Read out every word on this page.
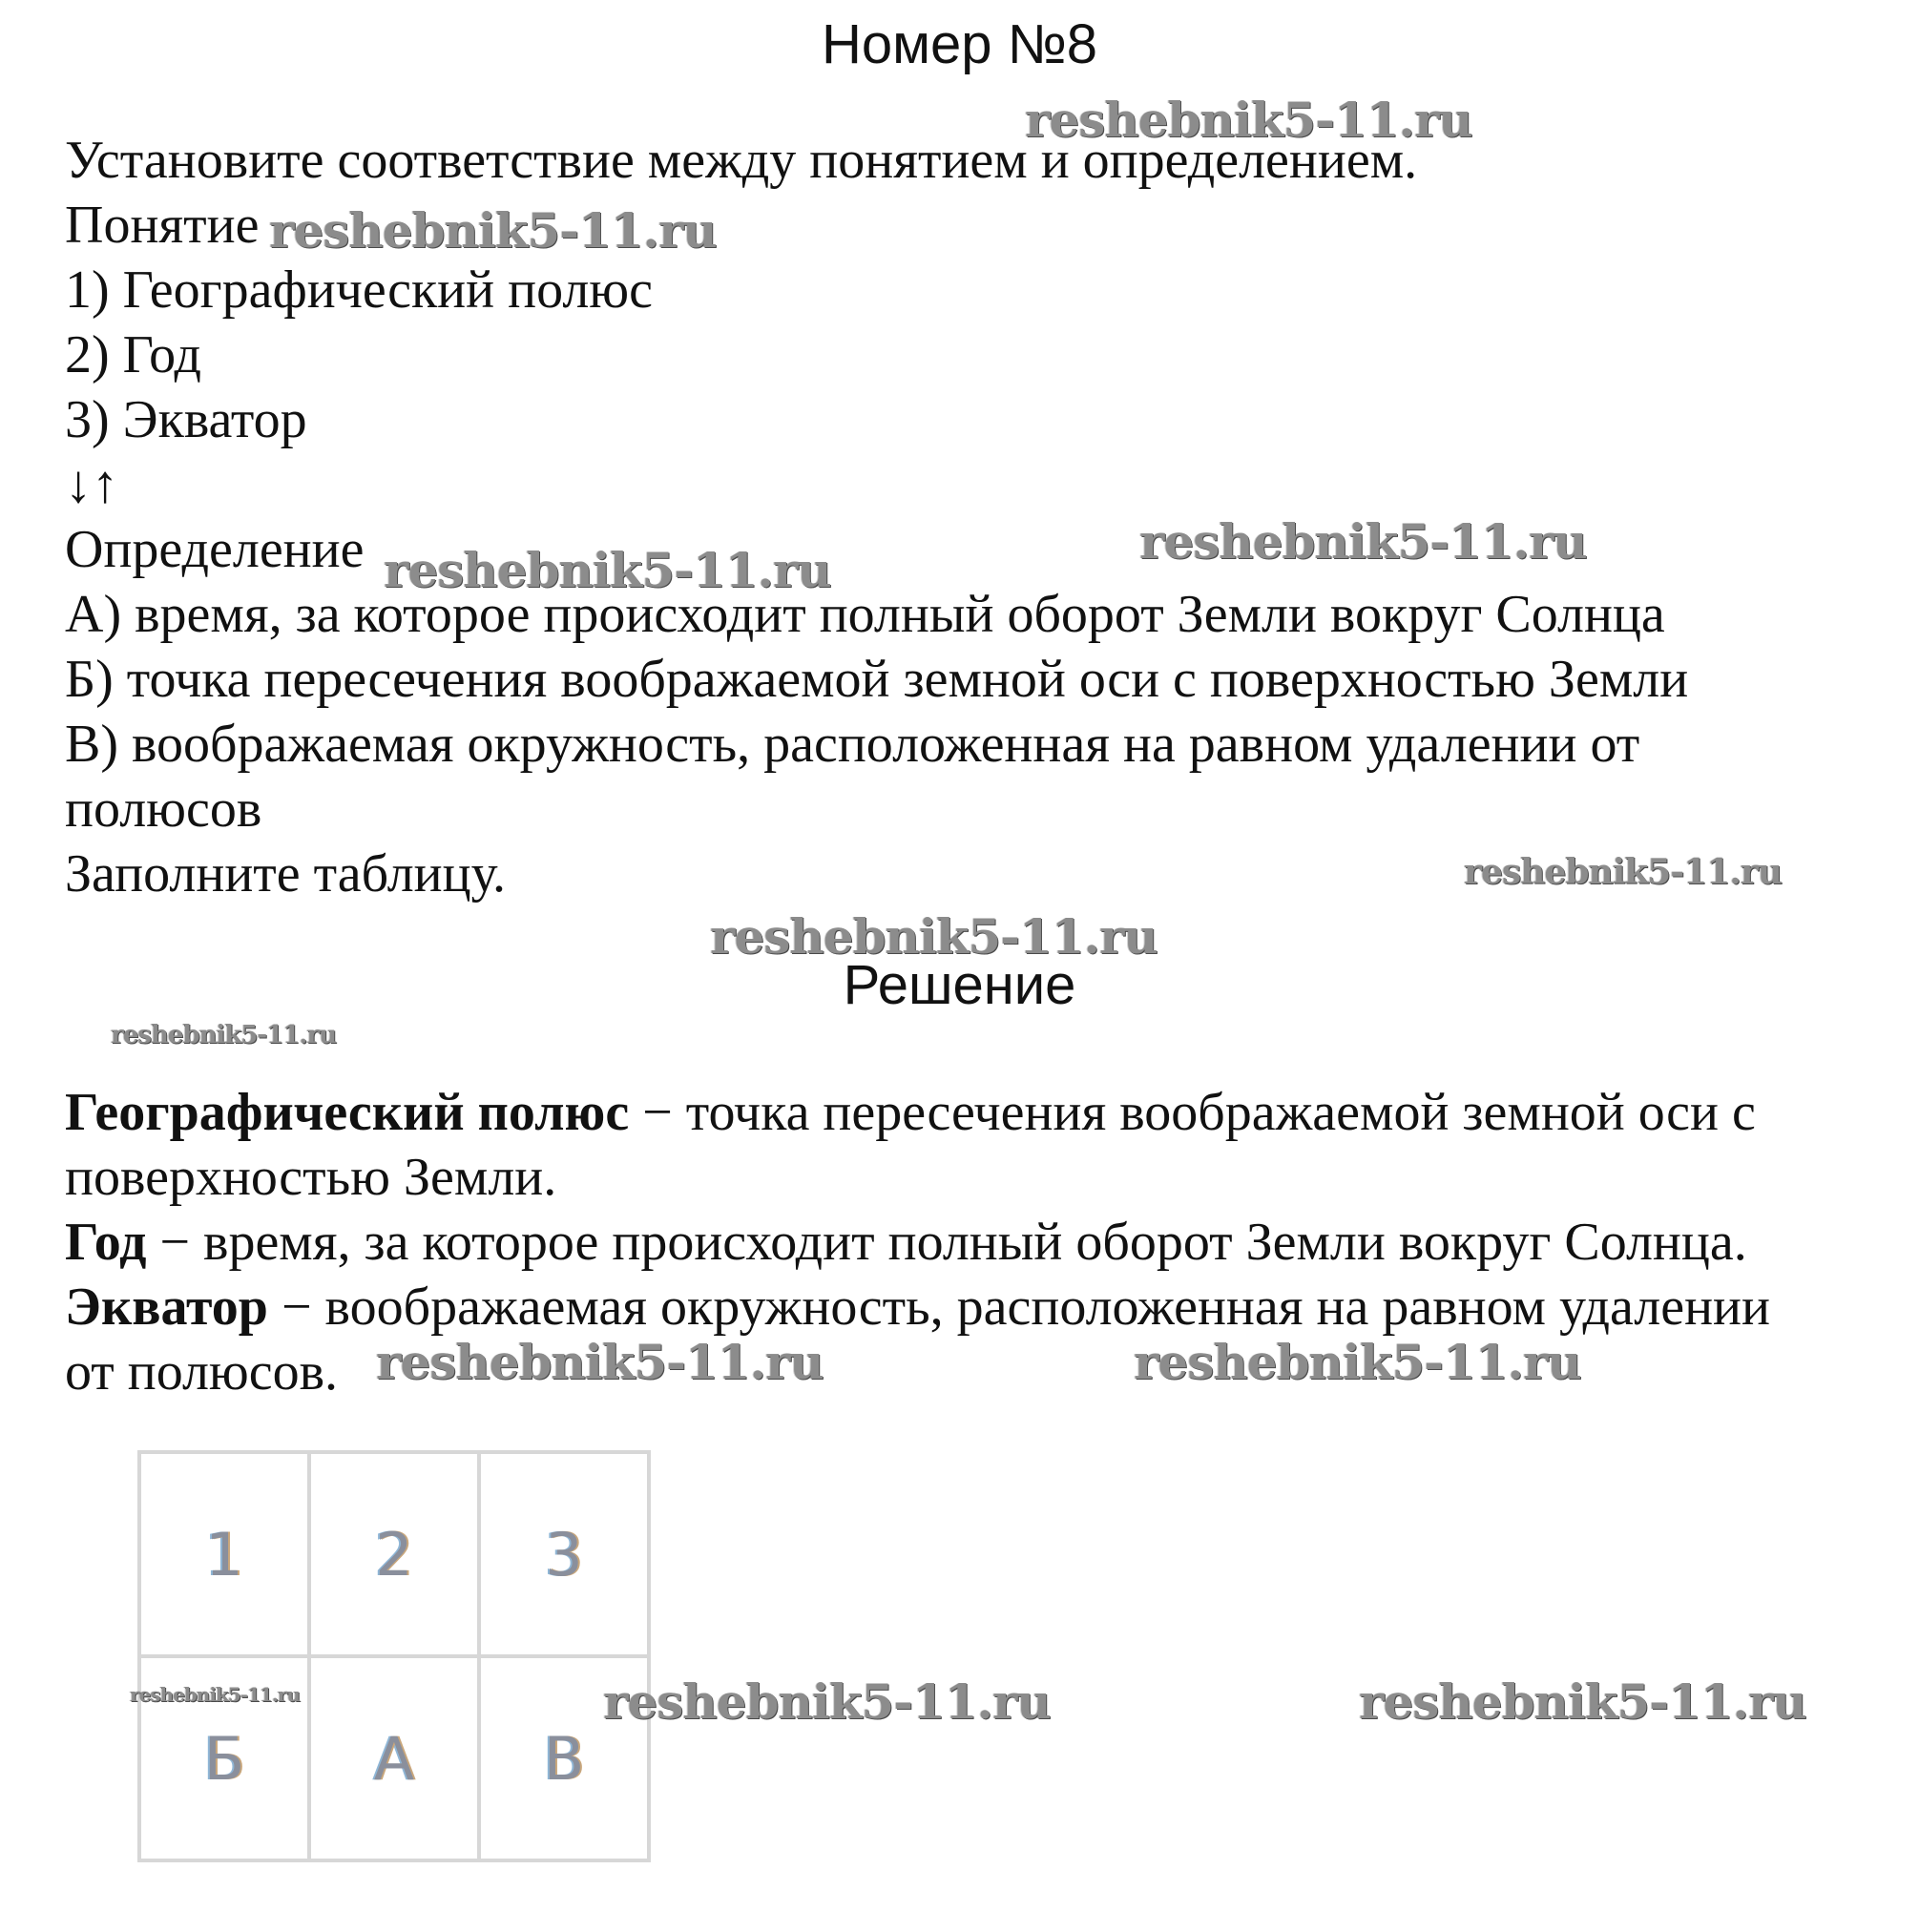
Номер №8
Установите соответствие между понятием и определением.
Понятие
1) Географический полюс
2) Год
3) Экватор
↓↑
Определение
А) время, за которое происходит полный оборот Земли вокруг Солнца
Б) точка пересечения воображаемой земной оси с поверхностью Земли
В) воображаемая окружность, расположенная на равном удалении от
полюсов
Заполните таблицу.
Решение
Географический полюс − точка пересечения воображаемой земной оси с
поверхностью Земли.
Год − время, за которое происходит полный оборот Земли вокруг Солнца.
Экватор − воображаемая окружность, расположенная на равном удалении
от полюсов.
1	2	3
Б	А	В
reshebnik5-11.ru
reshebnik5-11.ru
reshebnik5-11.ru
reshebnik5-11.ru
reshebnik5-11.ru
reshebnik5-11.ru
reshebnik5-11.ru
reshebnik5-11.ru	reshebnik5-11.ru
reshebnik5-11.ru	reshebnik5-11.ru
reshebnik5-11.ru
